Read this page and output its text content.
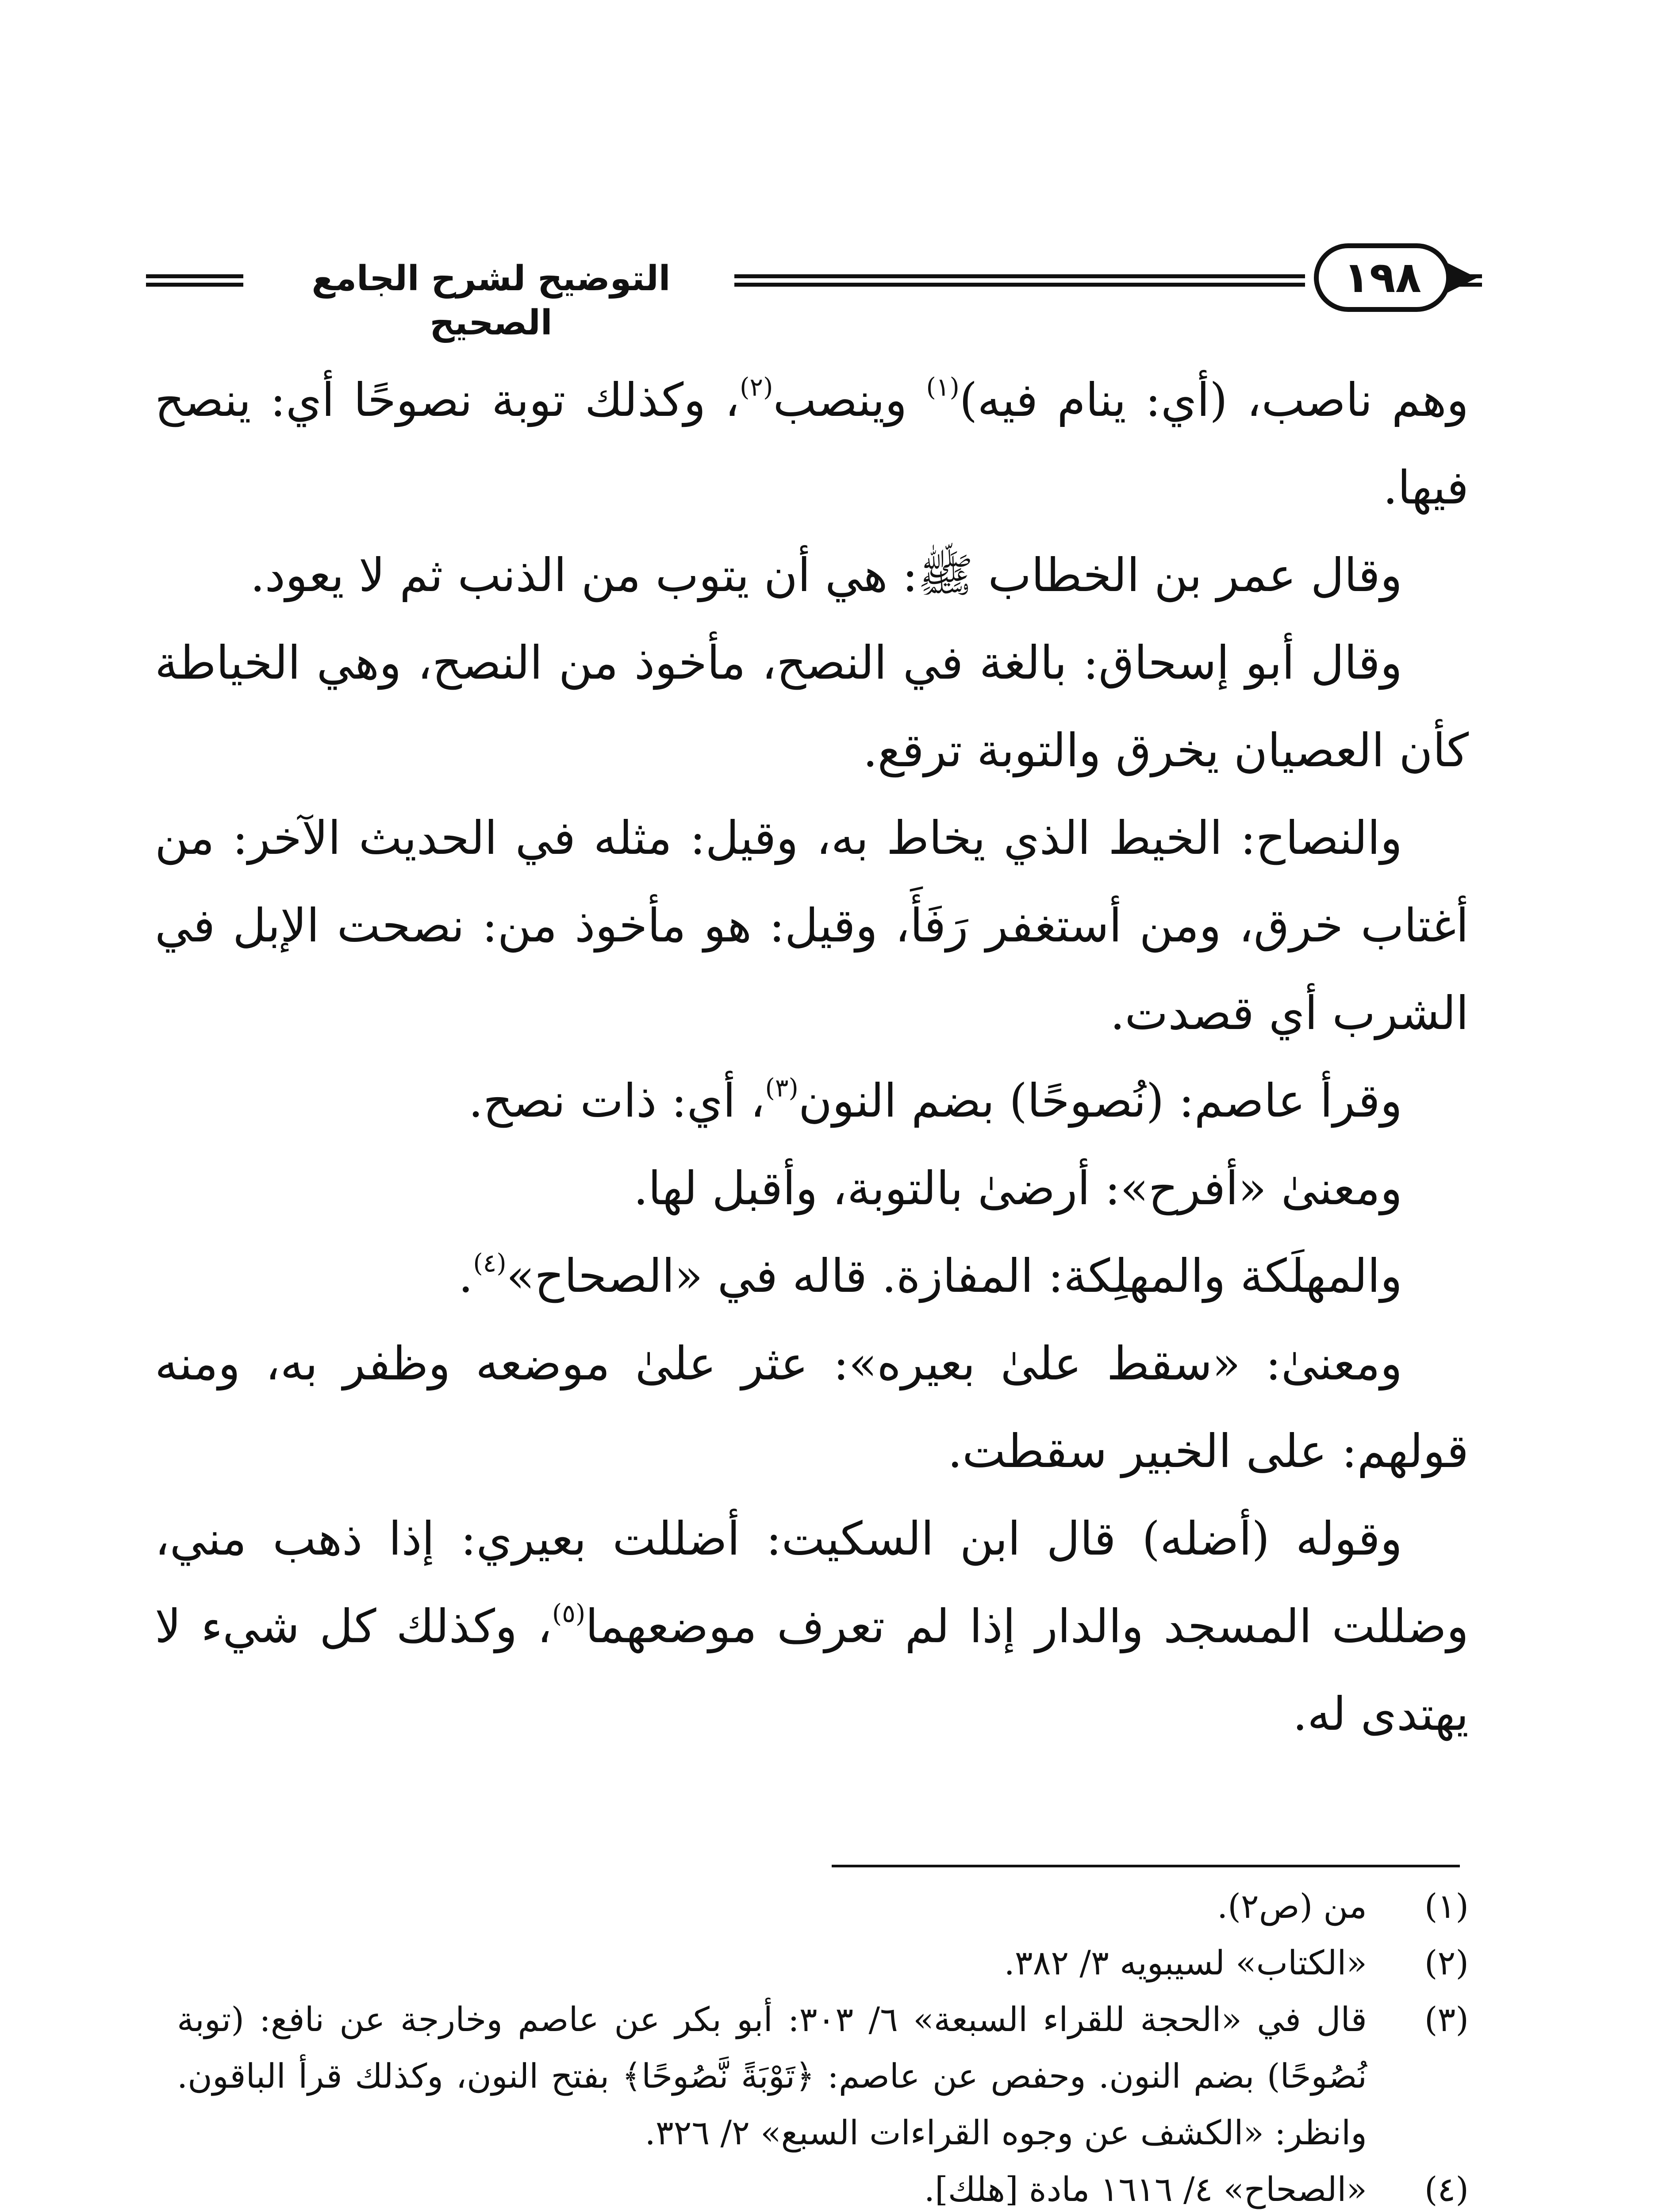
التوضيح لشرح الجامع الصحيح
١٩٨

وهم ناصب، (أي: ينام فيه)$^{(١)}$ وينصب$^{(٢)}$، وكذلك توبة نصوحًا أي: ينصح فيها.

وقال عمر بن الخطاب ﷺ: هي أن يتوب من الذنب ثم لا يعود.

وقال أبو إسحاق: بالغة في النصح، مأخوذ من النصح، وهي الخياطة كأن العصيان يخرق والتوبة ترقع.

والنصاح: الخيط الذي يخاط به، وقيل: مثله في الحديث الآخر: من أغتاب خرق، ومن أستغفر رَفَأَ، وقيل: هو مأخوذ من: نصحت الإبل في الشرب أي قصدت.

وقرأ عاصم: (نُصوحًا) بضم النون$^{(٣)}$، أي: ذات نصح.

ومعنىٰ «أفرح»: أرضىٰ بالتوبة، وأقبل لها.

والمهلَكة والمهلِكة: المفازة. قاله في «الصحاح»$^{(٤)}$.

ومعنىٰ: «سقط علىٰ بعيره»: عثر علىٰ موضعه وظفر به، ومنه قولهم: على الخبير سقطت.

وقوله (أضله) قال ابن السكيت: أضللت بعيري: إذا ذهب مني، وضللت المسجد والدار إذا لم تعرف موضعهما$^{(٥)}$، وكذلك كل شيء لا يهتدى له.

(١)
من (ص٢).
(٢)
«الكتاب» لسيبويه ٣/ ٣٨٢.
(٣)
قال في «الحجة للقراء السبعة» ٦/ ٣٠٣: أبو بكر عن عاصم وخارجة عن نافع: (توبة نُصُوحًا) بضم النون. وحفص عن عاصم: ﴿تَوْبَةً نَّصُوحًا﴾ بفتح النون، وكذلك قرأ الباقون. وانظر: «الكشف عن وجوه القراءات السبع» ٢/ ٣٢٦.
(٤)
«الصحاح» ٤/ ١٦١٦ مادة [هلك].
